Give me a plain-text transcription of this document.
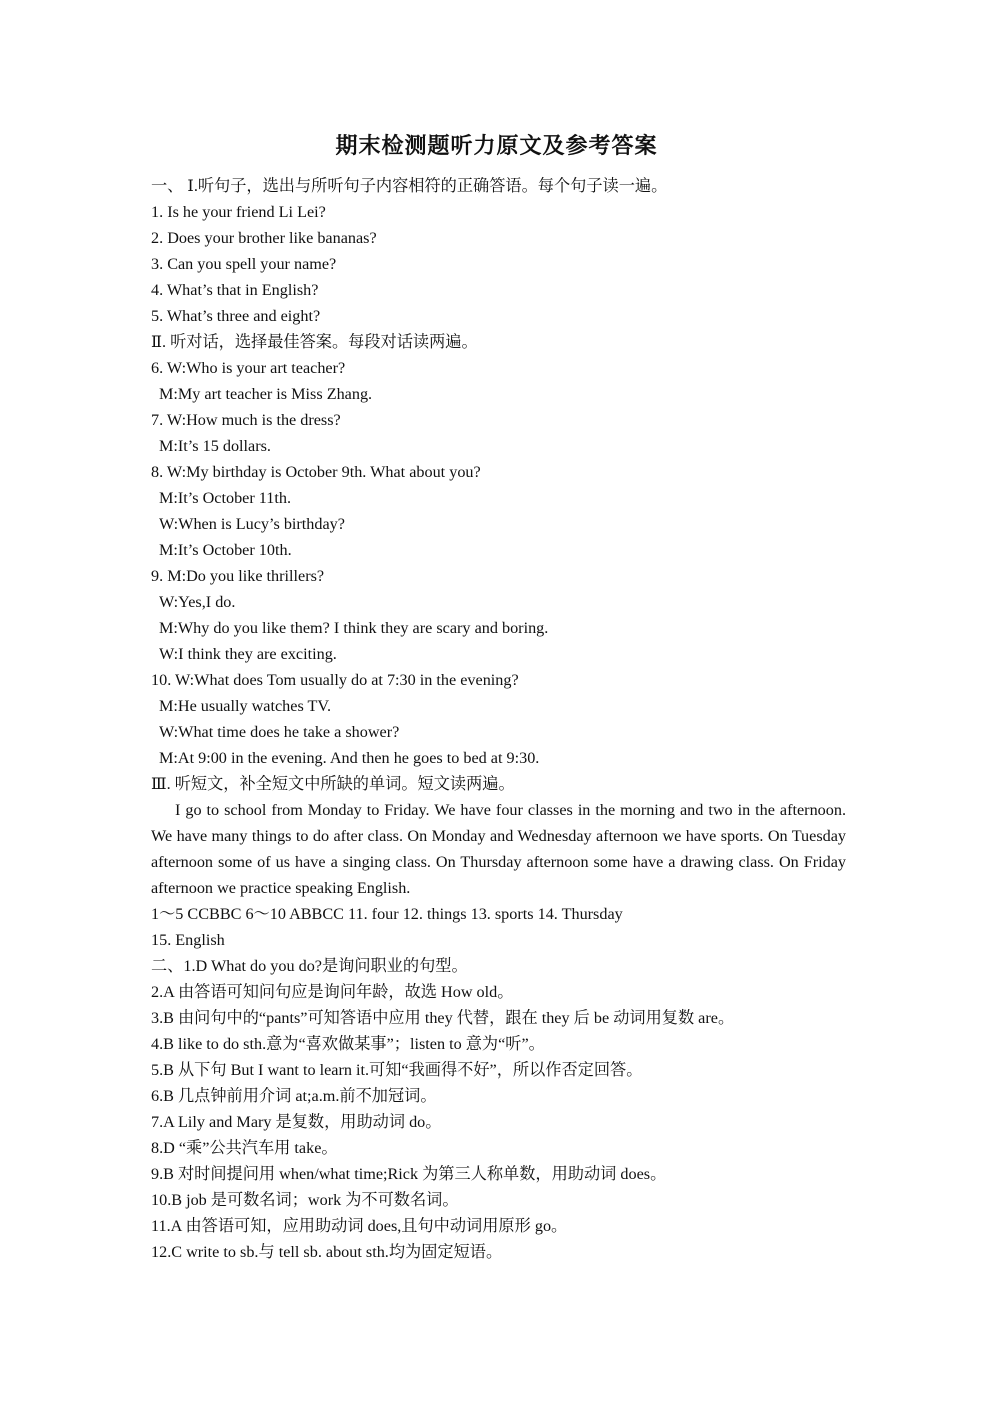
期末检测题听力原文及参考答案
一、 Ⅰ.听句子，选出与所听句子内容相符的正确答语。每个句子读一遍。
1. Is he your friend Li Lei?
2. Does your brother like bananas?
3. Can you spell your name?
4. What’s that in English?
5. What’s three and eight?
Ⅱ. 听对话，选择最佳答案。每段对话读两遍。
6. W:Who is your art teacher?
M:My art teacher is Miss Zhang.
7. W:How much is the dress?
M:It’s 15 dollars.
8. W:My birthday is October 9th. What about you?
M:It’s October 11th.
W:When is Lucy’s birthday?
M:It’s October 10th.
9. M:Do you like thrillers?
W:Yes,I do.
M:Why do you like them? I think they are scary and boring.
W:I think they are exciting.
10. W:What does Tom usually do at 7:30 in the evening?
M:He usually watches TV.
W:What time does he take a shower?
M:At 9:00 in the evening. And then he goes to bed at 9:30.
Ⅲ. 听短文，补全短文中所缺的单词。短文读两遍。
I go to school from Monday to Friday. We have four classes in the morning and two in the afternoon. We have many things to do after class. On Monday and Wednesday afternoon we have sports. On Tuesday afternoon some of us have a singing class. On Thursday afternoon some have a drawing class. On Friday afternoon we practice speaking English.
1～5 CCBBC 6～10 ABBCC 11. four 12. things 13. sports 14. Thursday
15. English
二、1.D What do you do?是询问职业的句型。
2.A 由答语可知问句应是询问年龄，故选 How old。
3.B 由问句中的“pants”可知答语中应用 they 代替，跟在 they 后 be 动词用复数 are。
4.B like to do sth.意为“喜欢做某事”；listen to 意为“听”。
5.B 从下句 But I want to learn it.可知“我画得不好”，所以作否定回答。
6.B 几点钟前用介词 at;a.m.前不加冠词。
7.A Lily and Mary 是复数，用助动词 do。
8.D “乘”公共汽车用 take。
9.B 对时间提问用 when/what time;Rick 为第三人称单数，用助动词 does。
10.B job 是可数名词；work 为不可数名词。
11.A 由答语可知，应用助动词 does,且句中动词用原形 go。
12.C write to sb.与 tell sb. about sth.均为固定短语。
